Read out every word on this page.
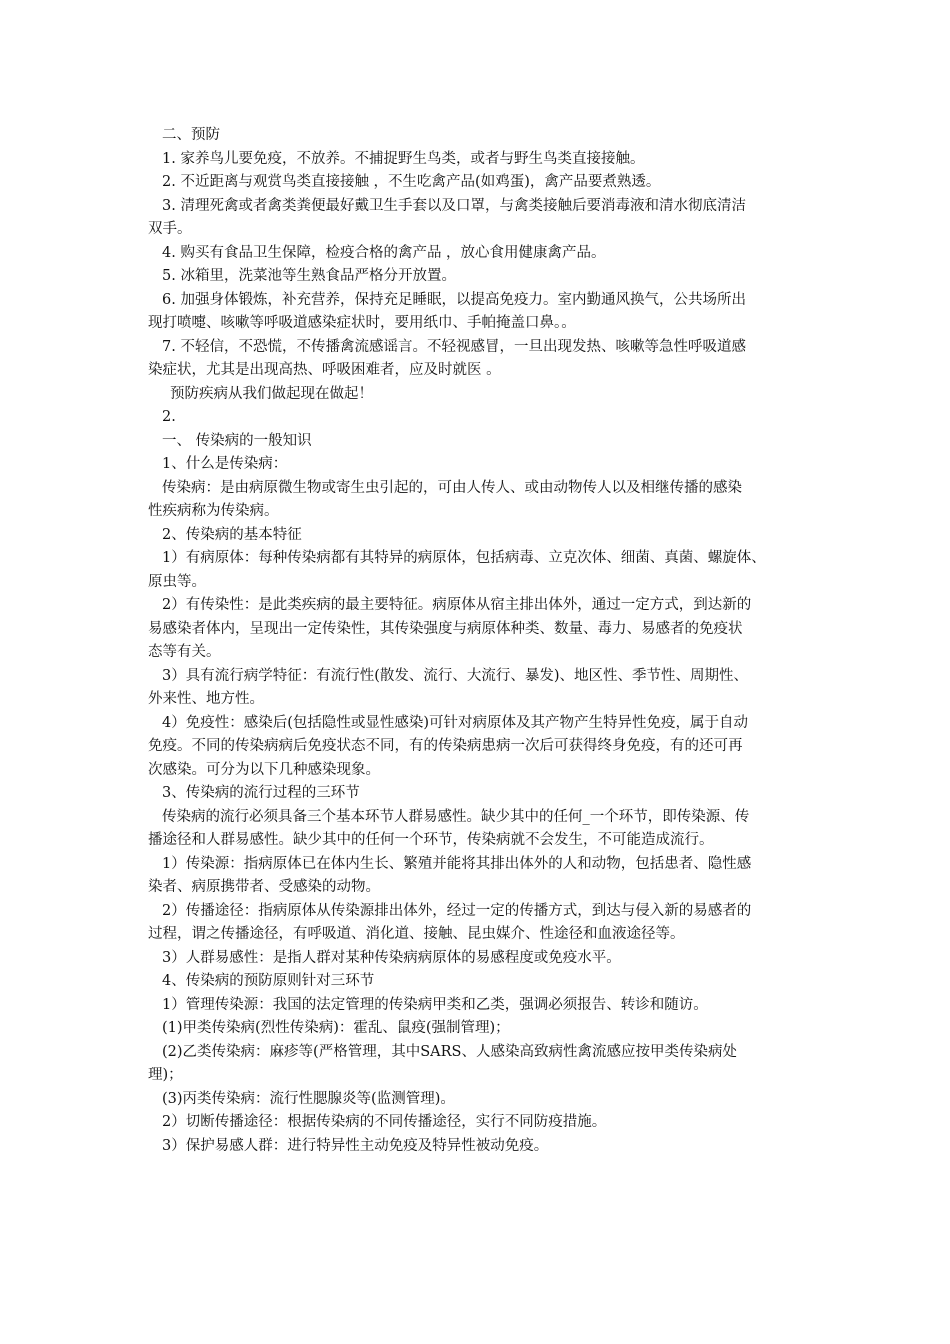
二、预防
1. 家养鸟儿要免疫，不放养。不捕捉野生鸟类，或者与野生鸟类直接接触。
2. 不近距离与观赏鸟类直接接触 ，不生吃禽产品(如鸡蛋)，禽产品要煮熟透。
3. 清理死禽或者禽类粪便最好戴卫生手套以及口罩，与禽类接触后要消毒液和清水彻底清洁
双手。
4. 购买有食品卫生保障，检疫合格的禽产品 ，放心食用健康禽产品。
5. 冰箱里，洗菜池等生熟食品严格分开放置。
6. 加强身体锻炼，补充营养，保持充足睡眠，以提高免疫力。室内勤通风换气，公共场所出
现打喷嚏、咳嗽等呼吸道感染症状时，要用纸巾、手帕掩盖口鼻。。
7. 不轻信，不恐慌，不传播禽流感谣言。不轻视感冒，一旦出现发热、咳嗽等急性呼吸道感
染症状，尤其是出现高热、呼吸困难者，应及时就医 。
预防疾病从我们做起现在做起！
2.
一、 传染病的一般知识
1、什么是传染病：
传染病：是由病原微生物或寄生虫引起的，可由人传人、或由动物传人以及相继传播的感染
性疾病称为传染病。
2、传染病的基本特征
1）有病原体：每种传染病都有其特异的病原体，包括病毒、立克次体、细菌、真菌、螺旋体、
原虫等。
2）有传染性：是此类疾病的最主要特征。病原体从宿主排出体外，通过一定方式，到达新的
易感染者体内，呈现出一定传染性，其传染强度与病原体种类、数量、毒力、易感者的免疫状
态等有关。
3）具有流行病学特征：有流行性(散发、流行、大流行、暴发)、地区性、季节性、周期性、
外来性、地方性。
4）免疫性：感染后(包括隐性或显性感染)可针对病原体及其产物产生特异性免疫，属于自动
免疫。不同的传染病病后免疫状态不同，有的传染病患病一次后可获得终身免疫，有的还可再
次感染。可分为以下几种感染现象。
3、传染病的流行过程的三环节
传染病的流行必须具备三个基本环节人群易感性。缺少其中的任何_一个环节，即传染源、传
播途径和人群易感性。缺少其中的任何一个环节，传染病就不会发生，不可能造成流行。
1）传染源：指病原体已在体内生长、繁殖并能将其排出体外的人和动物，包括患者、隐性感
染者、病原携带者、受感染的动物。
2）传播途径：指病原体从传染源排出体外，经过一定的传播方式，到达与侵入新的易感者的
过程，谓之传播途径，有呼吸道、消化道、接触、昆虫媒介、性途径和血液途径等。
3）人群易感性：是指人群对某种传染病病原体的易感程度或免疫水平。
4、传染病的预防原则针对三环节
1）管理传染源：我国的法定管理的传染病甲类和乙类，强调必须报告、转诊和随访。
(1)甲类传染病(烈性传染病)：霍乱、鼠疫(强制管理)；
(2)乙类传染病：麻疹等(严格管理，其中SARS、人感染高致病性禽流感应按甲类传染病处
理)；
(3)丙类传染病：流行性腮腺炎等(监测管理)。
2）切断传播途径：根据传染病的不同传播途径，实行不同防疫措施。
3）保护易感人群：进行特异性主动免疫及特异性被动免疫。
